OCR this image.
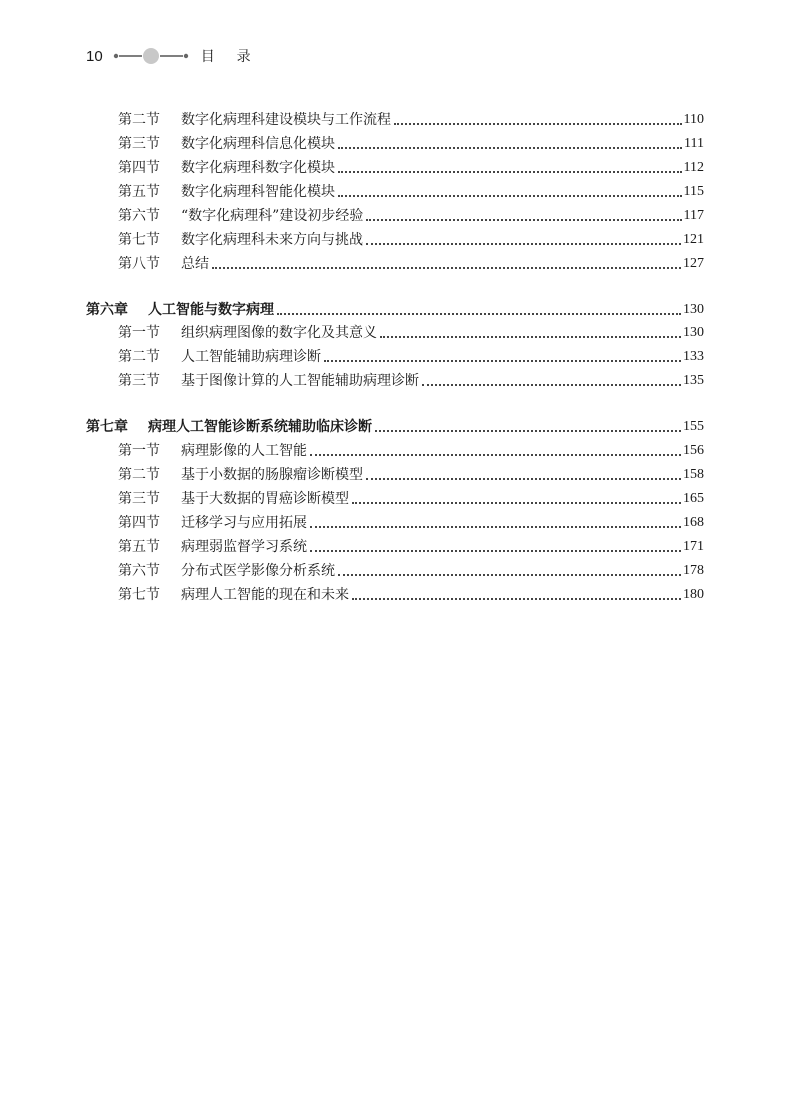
10	目录
第二节	数字化病理科建设模块与工作流程	110
第三节	数字化病理科信息化模块	111
第四节	数字化病理科数字化模块	112
第五节	数字化病理科智能化模块	115
第六节	“数字化病理科”建设初步经验	117
第七节	数字化病理科未来方向与挑战	121
第八节	总结	127
第六章	人工智能与数字病理	130
第一节	组织病理图像的数字化及其意义	130
第二节	人工智能辅助病理诊断	133
第三节	基于图像计算的人工智能辅助病理诊断	135
第七章	病理人工智能诊断系统辅助临床诊断	155
第一节	病理影像的人工智能	156
第二节	基于小数据的肠腺瘤诊断模型	158
第三节	基于大数据的胃癌诊断模型	165
第四节	迁移学习与应用拓展	168
第五节	病理弱监督学习系统	171
第六节	分布式医学影像分析系统	178
第七节	病理人工智能的现在和未来	180
